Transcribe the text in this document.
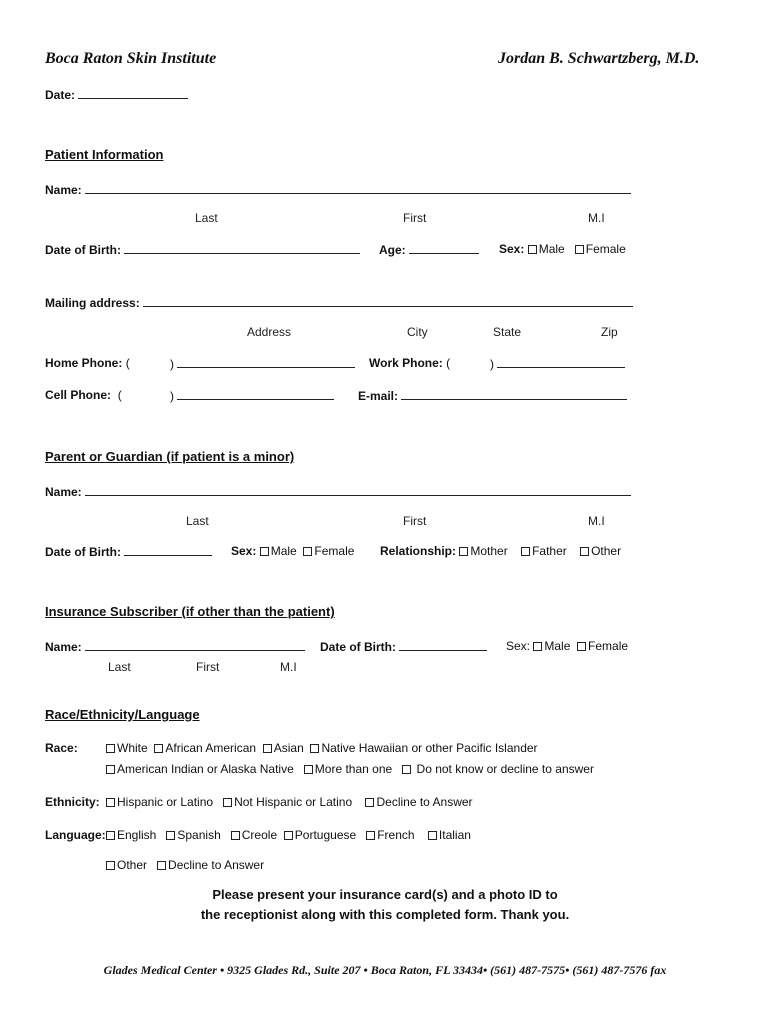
Boca Raton Skin Institute	Jordan B. Schwartzberg, M.D.
Date:
Patient Information
Name:
Last	First	M.I
Date of Birth:	Age:	Sex: Male Female
Mailing address:
Address	City	State	Zip
Home Phone: (	)	Work Phone: (	)
Cell Phone: (	)	E-mail:
Parent or Guardian (if patient is a minor)
Name:
Last	First	M.I
Date of Birth:	Sex: Male Female Relationship: Mother Father Other
Insurance Subscriber (if other than the patient)
Name:	Date of Birth:	Sex: Male Female
Last	First	M.I
Race/Ethnicity/Language
Race:	White African American Asian Native Hawaiian or other Pacific Islander
American Indian or Alaska Native More than one Do not know or decline to answer
Ethnicity:	Hispanic or Latino Not Hispanic or Latino Decline to Answer
Language: English Spanish Creole Portuguese French Italian
Other Decline to Answer
Please present your insurance card(s) and a photo ID to
the receptionist along with this completed form. Thank you.
Glades Medical Center • 9325 Glades Rd., Suite 207 • Boca Raton, FL 33434• (561) 487-7575• (561) 487-7576 fax
